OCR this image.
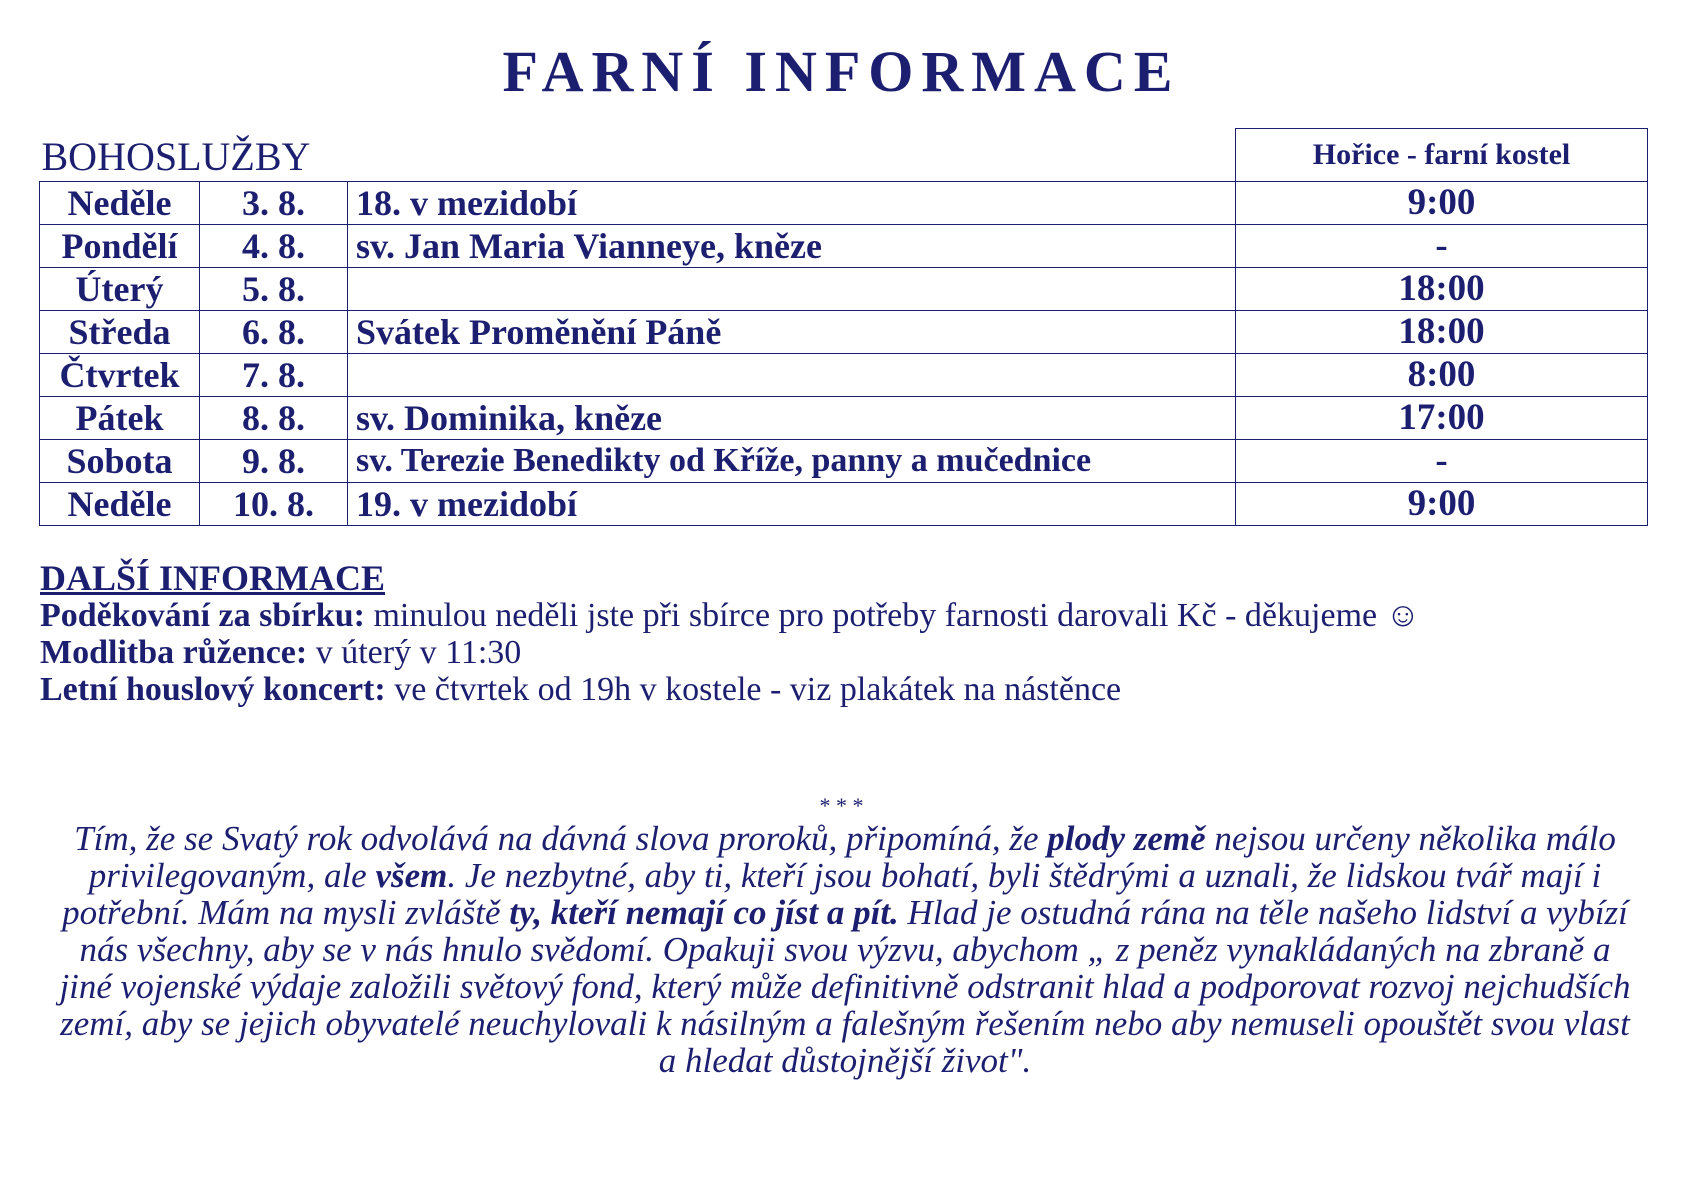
FARNÍ INFORMACE
BOHOSLUŽBY			Hořice - farní kostel
Neděle	3. 8.	18. v mezidobí	9:00
Pondělí	4. 8.	sv. Jan Maria Vianneye, kněze	-
Úterý	5. 8.		18:00
Středa	6. 8.	Svátek Proměnění Páně	18:00
Čtvrtek	7. 8.		8:00
Pátek	8. 8.	sv. Dominika, kněze	17:00
Sobota	9. 8.	sv. Terezie Benedikty od Kříže, panny a mučednice	-
Neděle	10. 8.	19. v mezidobí	9:00
DALŠÍ INFORMACE
Poděkování za sbírku: minulou neděli jste při sbírce pro potřeby farnosti darovali Kč - děkujeme ☺
Modlitba růžence: v úterý v 11:30
Letní houslový koncert: ve čtvrtek od 19h v kostele - viz plakátek na nástěnce
* * *
Tím, že se Svatý rok odvolává na dávná slova proroků, připomíná, že plody země nejsou určeny několika málo privilegovaným, ale všem. Je nezbytné, aby ti, kteří jsou bohatí, byli štědrými a uznali, že lidskou tvář mají i potřební. Mám na mysli zvláště ty, kteří nemají co jíst a pít. Hlad je ostudná rána na těle našeho lidství a vybízí nás všechny, aby se v nás hnulo svědomí. Opakuji svou výzvu, abychom „ z peněz vynakládaných na zbraně a jiné vojenské výdaje založili světový fond, který může definitivně odstranit hlad a podporovat rozvoj nejchudších zemí, aby se jejich obyvatelé neuchylovali k násilným a falešným řešením nebo aby nemuseli opouštět svou vlast a hledat důstojnější život".
